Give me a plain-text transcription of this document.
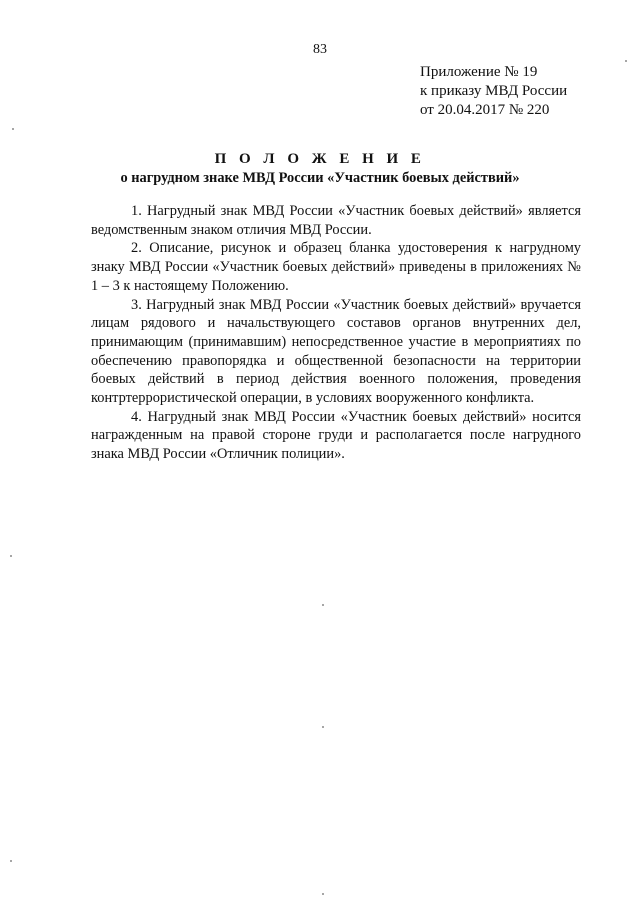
83
Приложение № 19
к приказу МВД России
от 20.04.2017 № 220
П О Л О Ж Е Н И Е
о нагрудном знаке МВД России «Участник боевых действий»

1. Нагрудный знак МВД России «Участник боевых действий» является ведомственным знаком отличия МВД России.

2. Описание, рисунок и образец бланка удостоверения к нагрудному знаку МВД России «Участник боевых действий» приведены в приложениях № 1 – 3 к настоящему Положению.

3. Нагрудный знак МВД России «Участник боевых действий» вручается лицам рядового и начальствующего составов органов внутренних дел, принимающим (принимавшим) непосредственное участие в мероприятиях по обеспечению правопорядка и общественной безопасности на территории боевых действий в период действия военного положения, проведения контртеррористической операции, в условиях вооруженного конфликта.

4. Нагрудный знак МВД России «Участник боевых действий» носится награжденным на правой стороне груди и располагается после нагрудного знака МВД России «Отличник полиции».
